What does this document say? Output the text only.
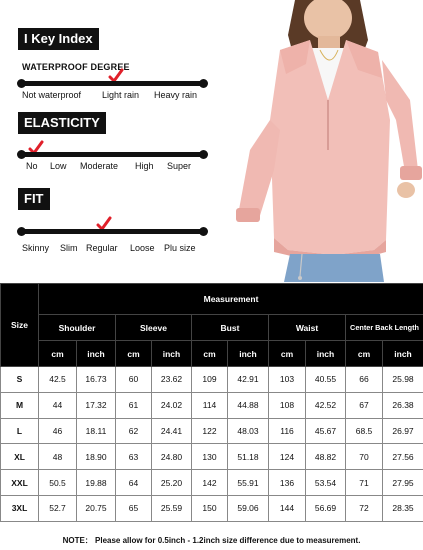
I Key Index
WATERPROOF DEGREE
Not waterproof Light rain Heavy rain
ELASTICITY
No Low Moderate High Super
FIT
Skinny Slim Regular Loose Plu size
Size	Measurement									
	Shoulder		Sleeve		Bust		Waist		Center Back Length	
	cm	inch	cm	inch	cm	inch	cm	inch	cm	inch
S	42.5	16.73	60	23.62	109	42.91	103	40.55	66	25.98
M	44	17.32	61	24.02	114	44.88	108	42.52	67	26.38
L	46	18.11	62	24.41	122	48.03	116	45.67	68.5	26.97
XL	48	18.90	63	24.80	130	51.18	124	48.82	70	27.56
XXL	50.5	19.88	64	25.20	142	55.91	136	53.54	71	27.95
3XL	52.7	20.75	65	25.59	150	59.06	144	56.69	72	28.35
NOTE： Please allow for 0.5inch - 1.2inch size difference due to measurement.
